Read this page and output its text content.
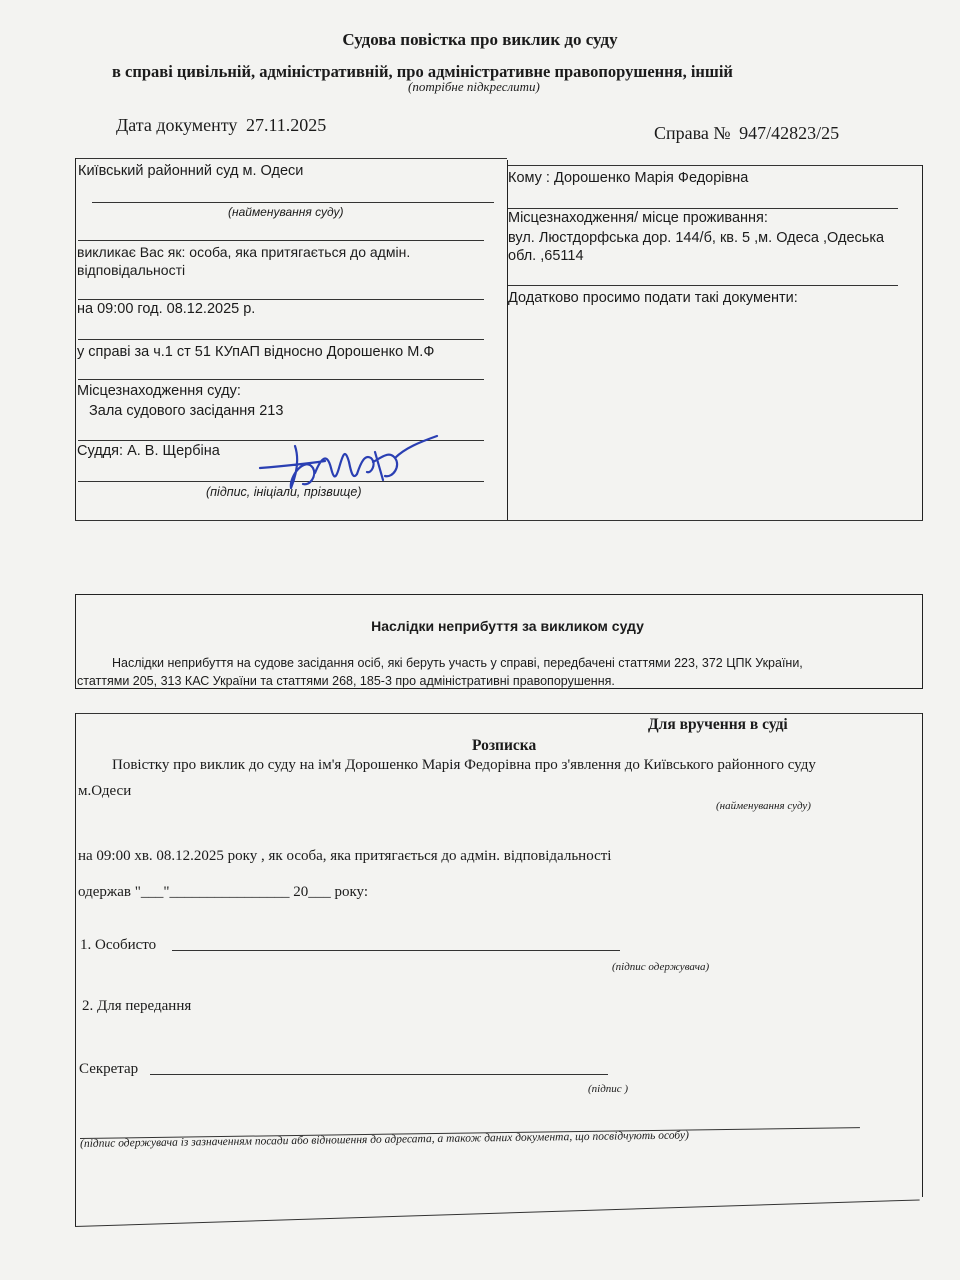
Судова повістка про виклик до суду
в справі цивільній, адміністративній, про адміністративне правопорушення, іншій
(потрібне підкреслити)
Дата документу 27.11.2025	Справа № 947/42823/25
Київський районний суд м. Одеси
(найменування суду)
викликає Вас як: особа, яка притягається до адмін.
відповідальності
на 09:00 год. 08.12.2025 р.
у справі за ч.1 ст 51 КУпАП відносно Дорошенко М.Ф
Місцезнаходження суду:
Зала судового засідання 213
Суддя: А. В. Щербіна
(підпис, ініціали, прізвище)
Кому : Дорошенко Марія Федорівна
Місцезнаходження/ місце проживання:
вул. Люстдорфська дор. 144/б, кв. 5 ,м. Одеса ,Одеська
обл. ,65114
Додатково просимо подати такі документи:
Наслідки неприбуття за викликом суду
Наслідки неприбуття на судове засідання осіб, які беруть участь у справі, передбачені статтями 223, 372 ЦПК України,
статтями 205, 313 КАС України та статтями 268, 185-3 про адміністративні правопорушення.
Для вручення в суді
Розписка
Повістку про виклик до суду на ім'я Дорошенко Марія Федорівна про з'явлення до Київського районного суду
м.Одеси
(найменування суду)
на 09:00 хв. 08.12.2025 року , як особа, яка притягається до адмін. відповідальності
одержав "___"________________ 20___ року:
1. Особисто
(підпис одержувача)
2. Для передання
Секретар
(підпис )
(підпис одержувача із зазначенням посади або відношення до адресата, а також даних документа, що посвідчують особу)
